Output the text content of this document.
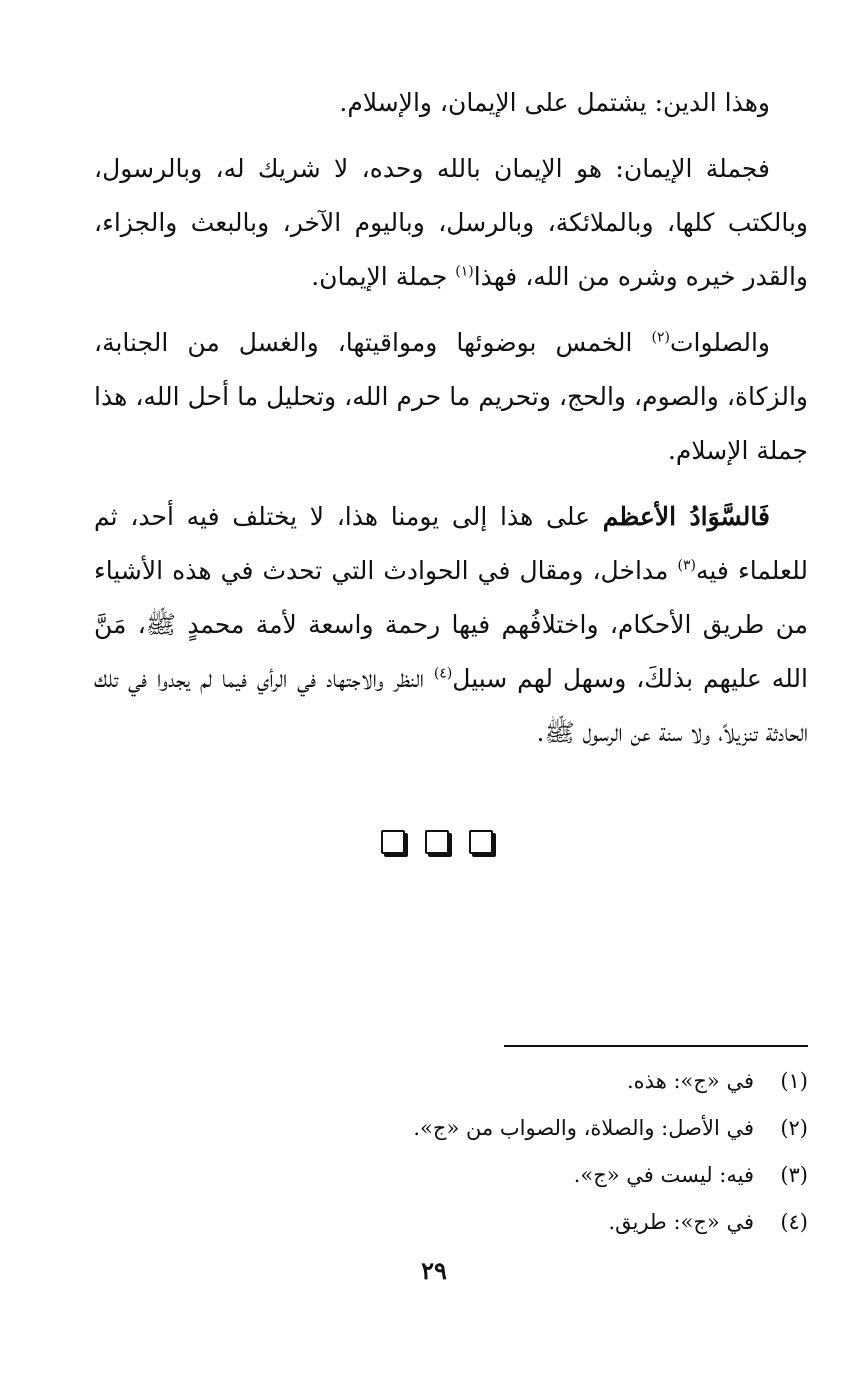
وهذا الدين: يشتمل على الإيمان، والإسلام.

فجملة الإيمان: هو الإيمان بالله وحده، لا شريك له، وبالرسول، وبالكتب كلها، وبالملائكة، وبالرسل، وباليوم الآخر، وبالبعث والجزاء، والقدر خيره وشره من الله، فهذا$^{(١)}$ جملة الإيمان.

والصلوات$^{(٢)}$ الخمس بوضوئها ومواقيتها، والغسل من الجنابة، والزكاة، والصوم، والحج، وتحريم ما حرم الله، وتحليل ما أحل الله، هذا جملة الإسلام.

فَالسَّوَادُ الأعظم على هذا إلى يومنا هذا، لا يختلف فيه أحد، ثم للعلماء فيه$^{(٣)}$ مداخل، ومقال في الحوادث التي تحدث في هذه الأشياء من طريق الأحكام، واختلافُهم فيها رحمة واسعة لأمة محمدٍ ﷺ، مَنَّ الله عليهم بذلكَ، وسهل لهم سبيل$^{(٤)}$ النظر والاجتهاد في الرأي فيما لم يجدوا في تلك الحادثة تنزيلاً، ولا سنة عن الرسول ﷺ.

(١)
في «ج»: هذه.
(٢)
في الأصل: والصلاة، والصواب من «ج».
(٣)
فيه: ليست في «ج».
(٤)
في «ج»: طريق.
٢٩
